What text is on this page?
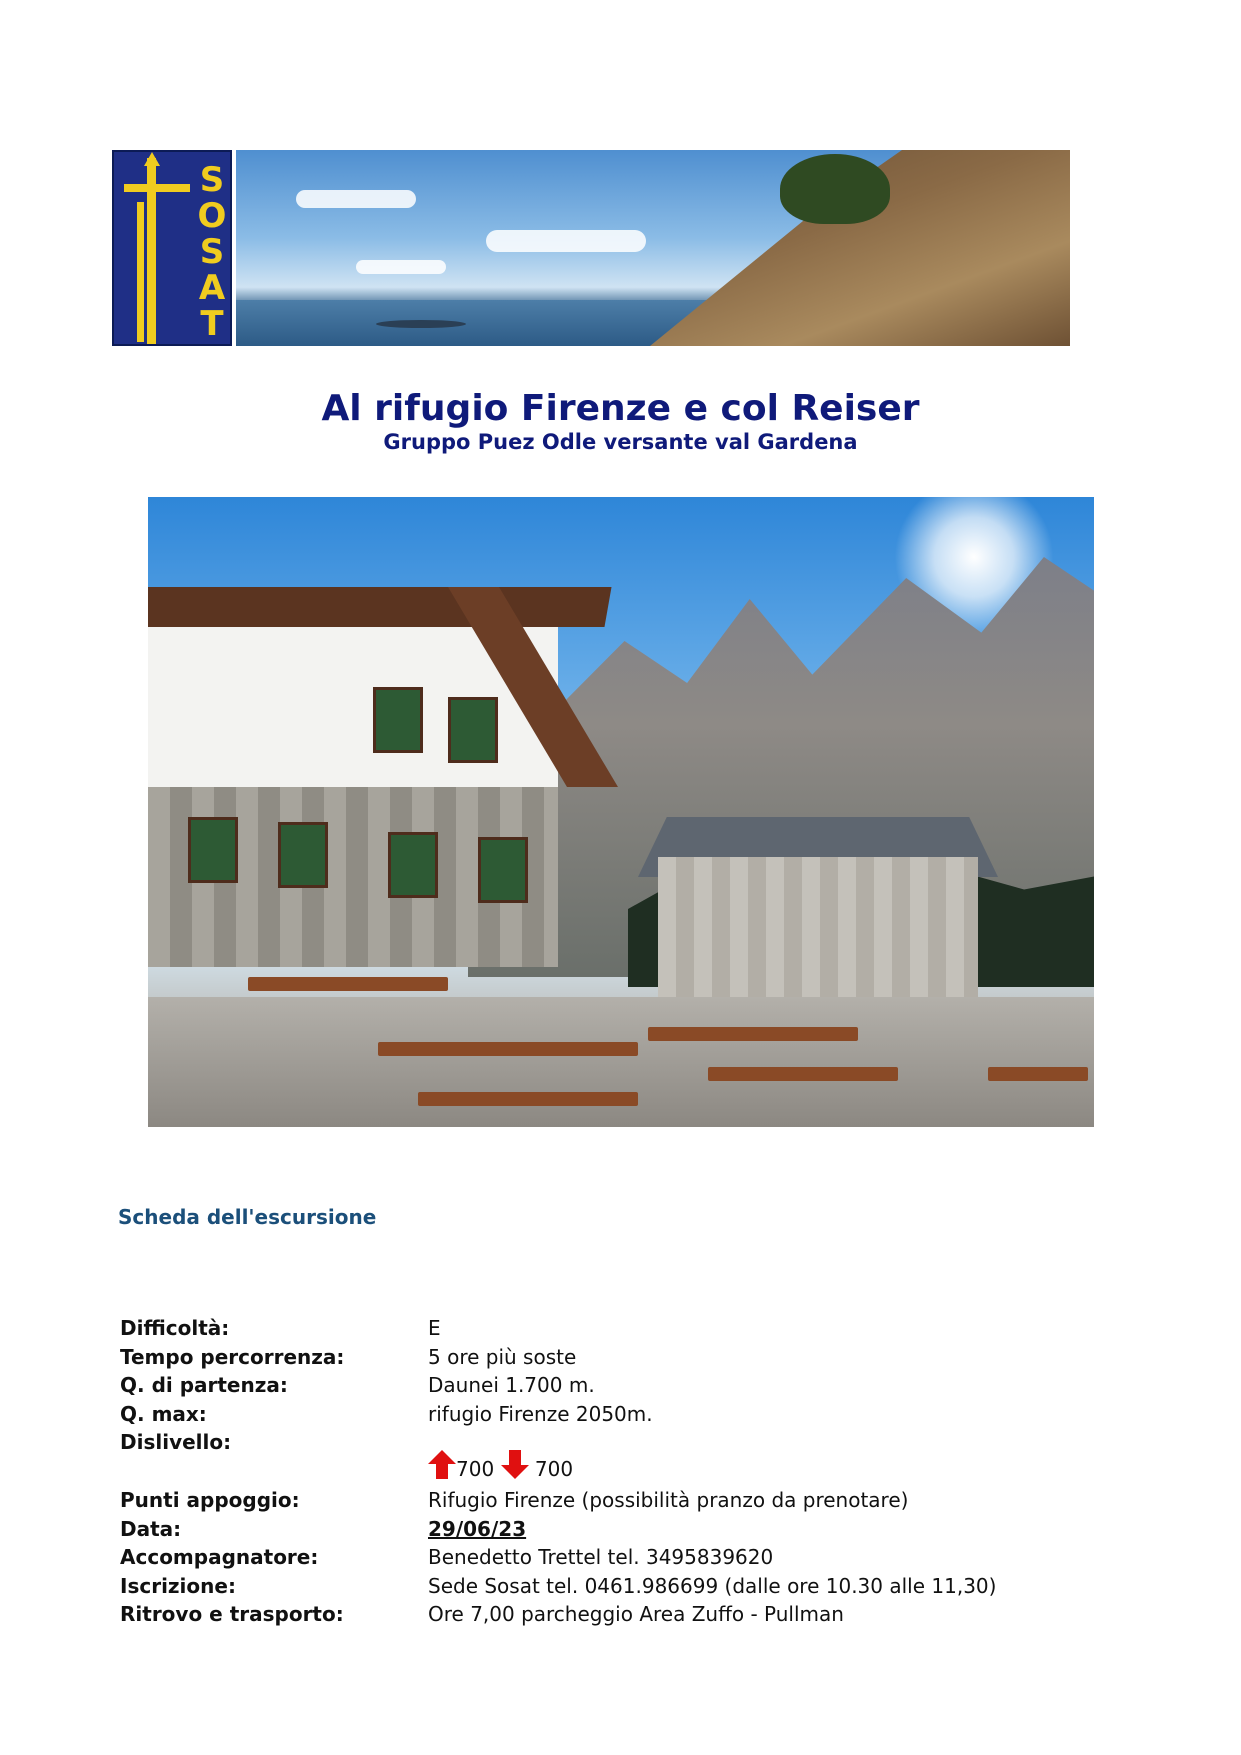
S
O
S
A
T
Al rifugio Firenze e col Reiser
Gruppo Puez Odle versante val Gardena
Scheda dell'escursione
Difficoltà:	E
Tempo percorrenza:	5 ore più soste
Q. di partenza:	Daunei 1.700 m.
Q. max:	rifugio Firenze 2050m.
Dislivello:
700 700
Punti appoggio:	Rifugio Firenze (possibilità pranzo da prenotare)
Data:	29/06/23
Accompagnatore:	Benedetto Trettel tel. 3495839620
Iscrizione:	Sede Sosat tel. 0461.986699 (dalle ore 10.30 alle 11,30)
Ritrovo e trasporto:	Ore 7,00 parcheggio Area Zuffo - Pullman
